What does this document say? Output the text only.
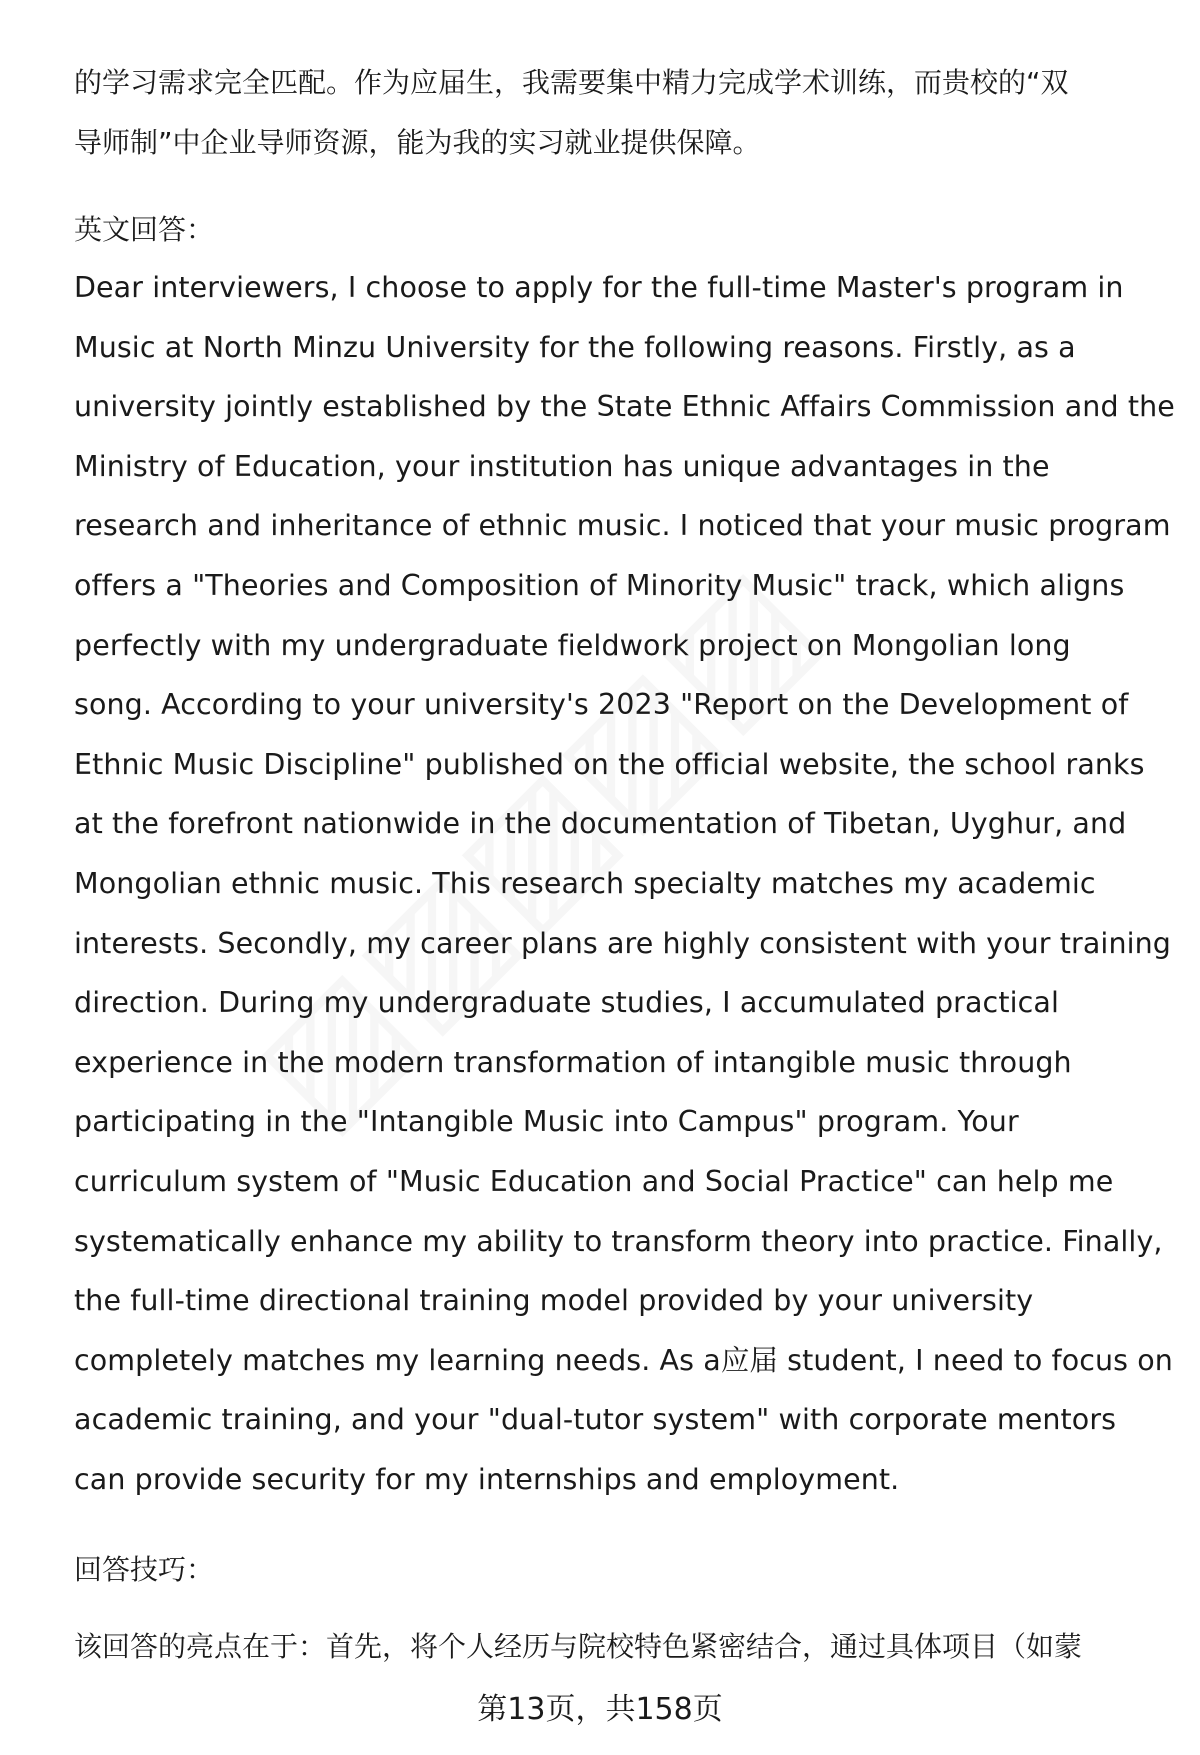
的学习需求完全匹配。作为应届生，我需要集中精力完成学术训练，而贵校的“双
导师制”中企业导师资源，能为我的实习就业提供保障。
英文回答：
Dear interviewers, I choose to apply for the full-time Master's program in
Music at North Minzu University for the following reasons. Firstly, as a
university jointly established by the State Ethnic Affairs Commission and the
Ministry of Education, your institution has unique advantages in the
research and inheritance of ethnic music. I noticed that your music program
offers a "Theories and Composition of Minority Music" track, which aligns
perfectly with my undergraduate fieldwork project on Mongolian long
song. According to your university's 2023 "Report on the Development of
Ethnic Music Discipline" published on the official website, the school ranks
at the forefront nationwide in the documentation of Tibetan, Uyghur, and
Mongolian ethnic music. This research specialty matches my academic
interests. Secondly, my career plans are highly consistent with your training
direction. During my undergraduate studies, I accumulated practical
experience in the modern transformation of intangible music through
participating in the "Intangible Music into Campus" program. Your
curriculum system of "Music Education and Social Practice" can help me
systematically enhance my ability to transform theory into practice. Finally,
the full-time directional training model provided by your university
completely matches my learning needs. As a应届 student, I need to focus on
academic training, and your "dual-tutor system" with corporate mentors
can provide security for my internships and employment.
回答技巧：
该回答的亮点在于：首先，将个人经历与院校特色紧密结合，通过具体项目（如蒙
第13页，共158页
